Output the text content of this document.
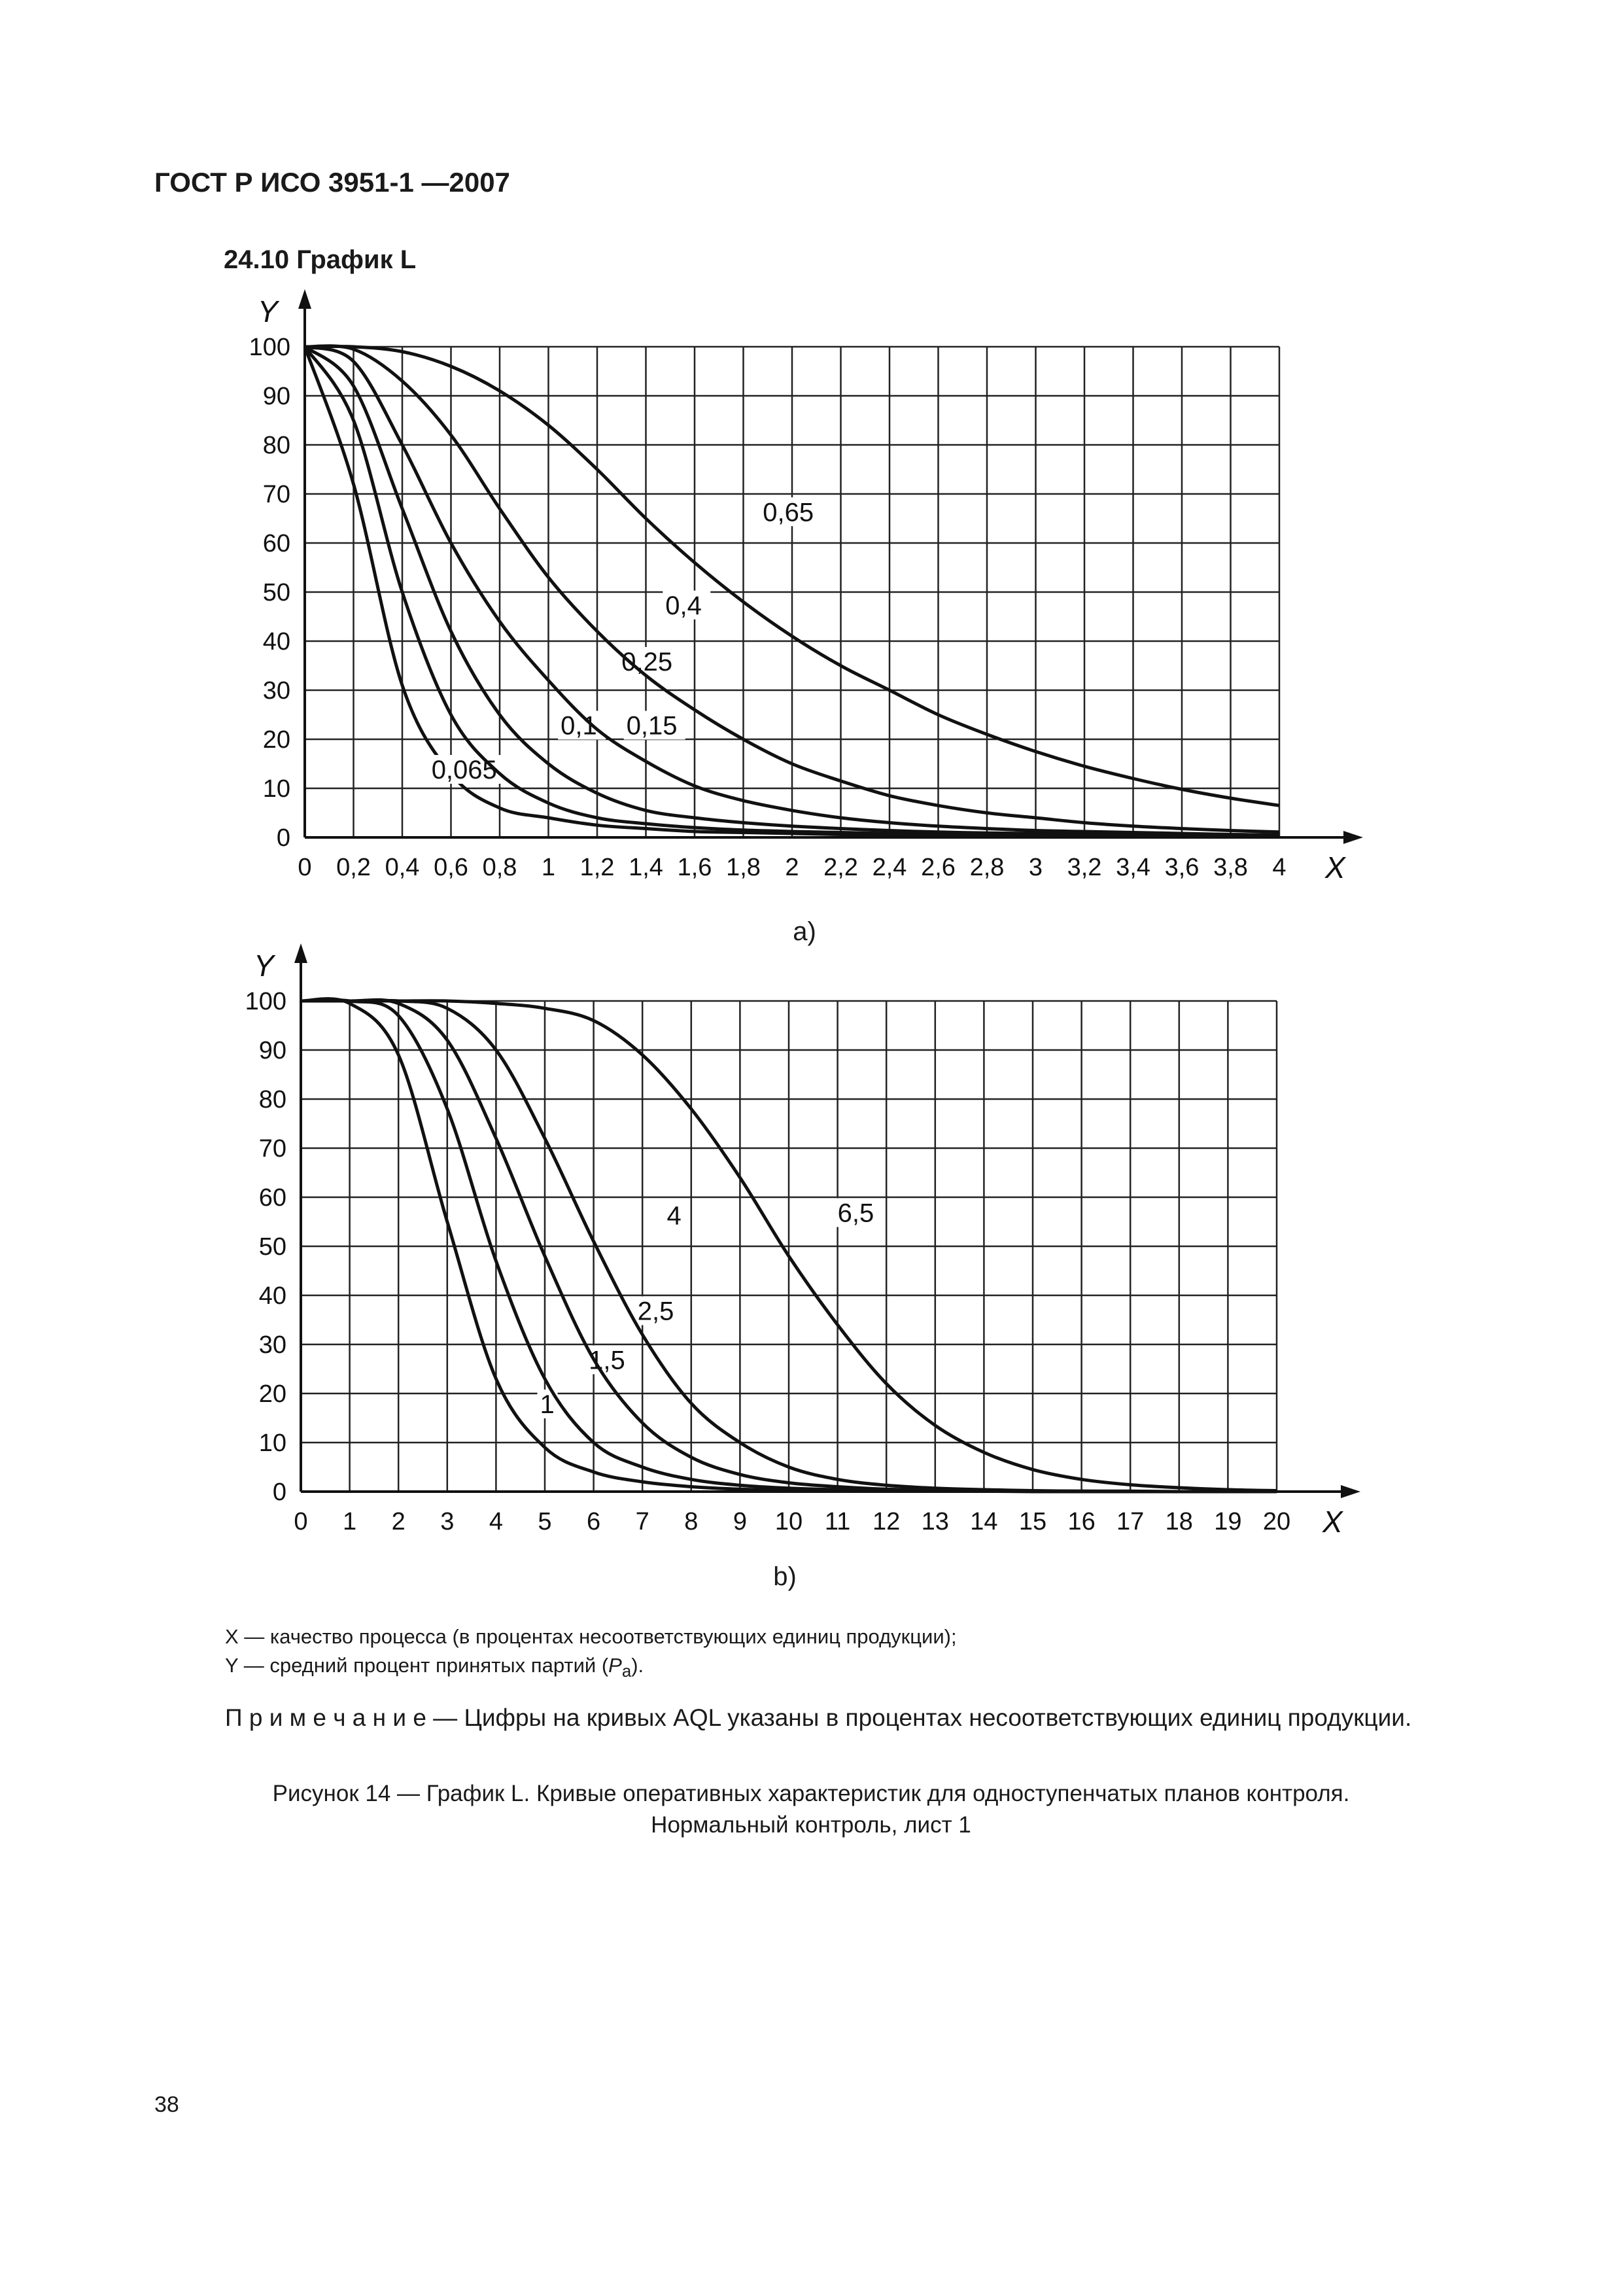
ГОСТ Р ИСО 3951-1 —2007
24.10 График L
0 0,2 0,4 0,6 0,8 1 1,2 1,4 1,6 1,8 2 2,2 2,4 2,6 2,8 3 3,2 3,4 3,6 3,8 4
0
10
20
30
40
50
60
70
80
90
100
X
Y
0,065
0,1 0,15
0,25
0,4
0,65
a)
0 1 2 3 4 5 6 7 8 9 10 11 12 13 14 15 16 17 18 19 20
0
10
20
30
40
50
60
70
80
90
100
X
Y
1
1,5
2,5
4	6,5
b)
X — качество процесса (в процентах несоответствующих единиц продукции);
Y — средний процент принятых партий $(P_a)$.
П р и м е ч а н и е — Цифры на кривых AQL указаны в процентах несоответствующих единиц продукции.
Рисунок 14 — График L. Кривые оперативных характеристик для одноступенчатых планов контроля.
Нормальный контроль, лист 1
38
